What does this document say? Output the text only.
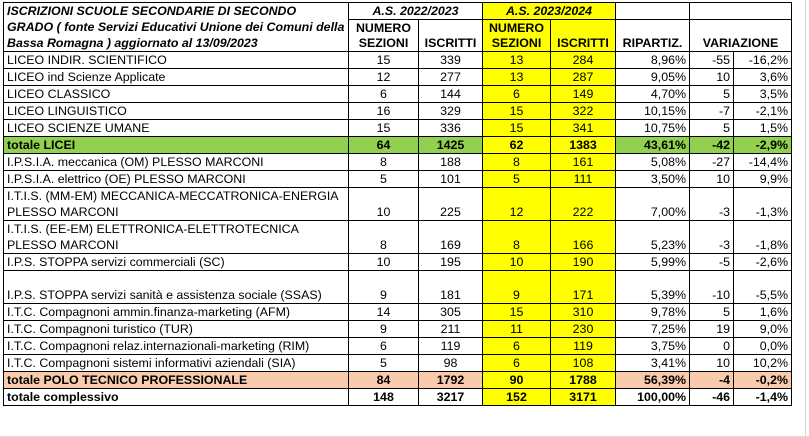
ISCRIZIONI SCUOLE SECONDARIE DI SECONDO GRADO ( fonte Servizi Educativi Unione dei Comuni della Bassa Romagna ) aggiornato al 13/09/2023	A.S. 2022/2023		A.S. 2023/2024				
	NUMERO SEZIONI	ISCRITTI	NUMERO SEZIONI	ISCRITTI	RIPARTIZ.	VARIAZIONE	

LICEO INDIR. SCIENTIFICO	15	339	13	284	8,96%	-55	-16,2%
LICEO ind Scienze Applicate	12	277	13	287	9,05%	10	3,6%
LICEO CLASSICO	6	144	6	149	4,70%	5	3,5%
LICEO LINGUISTICO	16	329	15	322	10,15%	-7	-2,1%
LICEO SCIENZE UMANE	15	336	15	341	10,75%	5	1,5%
totale LICEI	64	1425	62	1383	43,61%	-42	-2,9%
I.P.S.I.A. meccanica (OM) PLESSO MARCONI	8	188	8	161	5,08%	-27	-14,4%
I.P.S.I.A. elettrico (OE) PLESSO MARCONI	5	101	5	111	3,50%	10	9,9%
I.T.I.S. (MM-EM) MECCANICA-MECCATRONICA-ENERGIA PLESSO MARCONI	10	225	12	222	7,00%	-3	-1,3%
I.T.I.S. (EE-EM) ELETTRONICA-ELETTROTECNICA PLESSO MARCONI	8	169	8	166	5,23%	-3	-1,8%
I.P.S. STOPPA servizi commerciali (SC)	10	195	10	190	5,99%	-5	-2,6%
I.P.S. STOPPA servizi sanità e assistenza sociale (SSAS)	9	181	9	171	5,39%	-10	-5,5%
I.T.C. Compagnoni ammin.finanza-marketing (AFM)	14	305	15	310	9,78%	5	1,6%
I.T.C. Compagnoni turistico (TUR)	9	211	11	230	7,25%	19	9,0%
I.T.C. Compagnoni relaz.internazionali-marketing (RIM)	6	119	6	119	3,75%	0	0,0%
I.T.C. Compagnoni sistemi informativi aziendali (SIA)	5	98	6	108	3,41%	10	10,2%
totale POLO TECNICO PROFESSIONALE	84	1792	90	1788	56,39%	-4	-0,2%
totale complessivo	148	3217	152	3171	100,00%	-46	-1,4%
